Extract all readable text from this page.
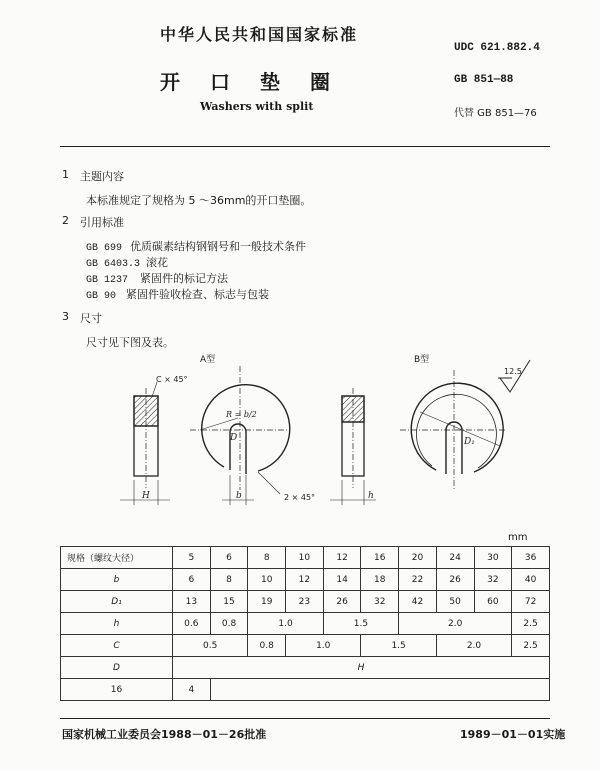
中华人民共和国国家标准
开口垫圈
Washers with split
UDC 621.882.4
GB 851—88
代替 GB 851—76
1 主题内容
本标准规定了规格为 5 ～36mm的开口垫圈。
2 引用标准
GB 699 优质碳素结构钢钢号和一般技术条件
GB 6403.3 滚花
GB 1237 紧固件的标记方法
GB 90 紧固件验收检查、标志与包装
3 尺寸
尺寸见下图及表。
A型	B型
C × 45°
H
R = b/2
D
b	2 × 45°	h
D₁
12.5
mm
规格（螺纹大径）	5	6	8	10	12	16	20	24	30	36
b	6	8	10	12	14	18	22	26	32	40
D₁	13	15	19	23	26	32	42	50	60	72
h	0.6	0.8	1.0		1.5		2.0			2.5
C	0.5		0.8	1.0		1.5		2.0		2.5
D	H									
16	4									
国家机械工业委员会1988－01－26批准	1989－01－01实施
